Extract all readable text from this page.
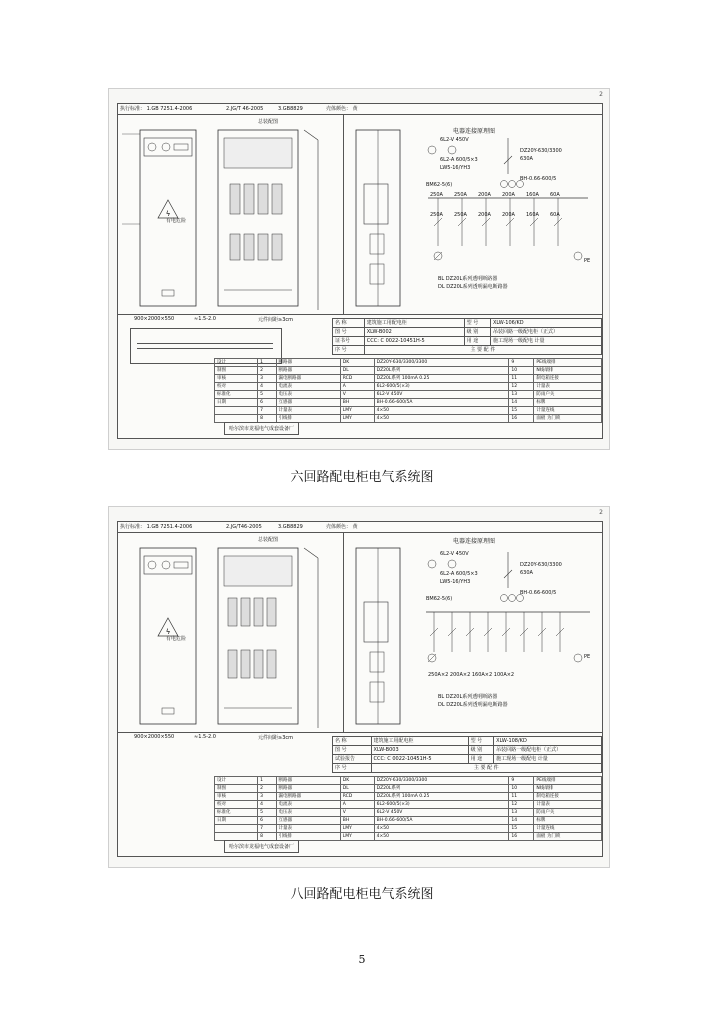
2
执行标准： 1.GB 7251.4-2006	2.JG/T 46-2005	3.GB8829	壳体颜色： 黄
总装配图
电器连接原理图
ϟ
有电危险
900×2000×550	≈1.5-2.0	元件间距≥3cm
6L2-V 450V
6L2-A 600/5×3
LW5-16/YH3
BM62-5(6)
DZ20Y-630/3300
630A
BH-0.66-600/5
250A 250A 200A 200A 160A 60A
250A 250A 200A 200A 160A 60A
PE
BL DZ20L系列透明断路器
DL DZ20L系列透明漏电断路器
名 称	建筑施工用配电柜	型 号	XLW-106/KD
图 号	XLW-B002	级 别	吊装回路一级配电柜（正式）
证书号	CCC: C 0022-10451H-5	用 途	施工现场一级配电 计量
序 号	主 要 配 件		
设计	1	断路器	DK	DZ20Y-630/3300/3300	9	PE线端排
制图	2	断路器	DL	DZ20L系列	10	N线端排
审核	3	漏电断路器	RCD	DZ20L系列 100mA 0.25	11	制电箱连接
校对	4	电流表	A	6L2-600/5(×3)	12	计量表
标准化	5	电压表	V	6L2-V 450V	13	防雨户关
日期	6	互感器	BH	BH-0.66-600/5A	14	标牌
	7	计量表	LMY	4×50	15	计量连线
	8	引线排	LMY	4×50	16	面板 为门锁
哈尔滨市龙福电气成套设备厂
六回路配电柜电气系统图
2
执行标准： 1.GB 7251.4-2006	2.JG/T46-2005	3.GB8829	壳体颜色： 黄
总装配图	电器连接原理图
ϟ
有电危险
900×2000×550	≈1.5-2.0	元件间距≥3cm
6L2-V 450V
6L2-A 600/5×3
LW5-16/YH3
BM62-5(6)
DZ20Y-630/3300
630A
BH-0.66-600/5
250A×2 200A×2 160A×2 100A×2
PE
BL DZ20L系列透明断路器
DL DZ20L系列透明漏电断路器
名 称	建筑施工用配电柜	型 号	XLW-108/KD
图 号	XLW-B003	级 别	吊装回路一级配电柜（正式）
试验报告	CCC: C 0022-10451H-5	用 途	施工现场一级配电 计量
序 号	主 要 配 件		
设计	1	断路器	DK	DZ20Y-630/3300/3300	9	PE线端排
制图	2	断路器	DL	DZ20L系列	10	N线端排
审核	3	漏电断路器	RCD	DZ20L系列 100mA 0.25	11	制电箱连接
校对	4	电流表	A	6L2-600/5(×3)	12	计量表
标准化	5	电压表	V	6L2-V 450V	13	防雨户关
日期	6	互感器	BH	BH-0.66-600/5A	14	标牌
	7	计量表	LMY	4×50	15	计量连线
	8	引线排	LMY	4×50	16	面板 为门锁
哈尔滨市龙福电气成套设备厂
八回路配电柜电气系统图
5
